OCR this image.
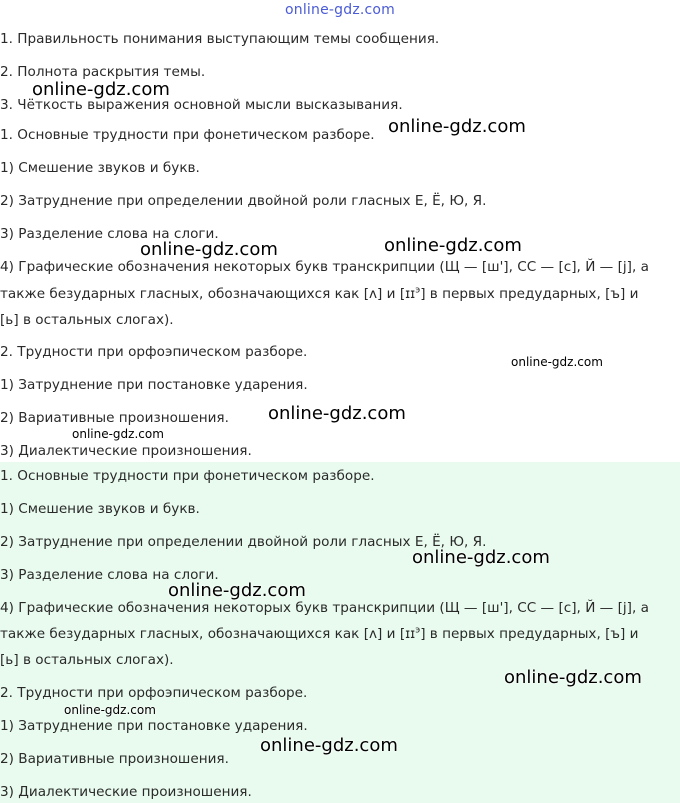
online-gdz.com
1. Правильность понимания выступающим темы сообщения.
2. Полнота раскрытия темы.
3. Чёткость выражения основной мысли высказывания.
1. Основные трудности при фонетическом разборе.
1) Смешение звуков и букв.
2) Затруднение при определении двойной роли гласных Е, Ё, Ю, Я.
3) Разделение слова на слоги.
4) Графические обозначения некоторых букв транскрипции (Щ — [ш'], СС — [с], Й — [j], а
также безударных гласных, обозначающихся как [ʌ] и [ɪɪ$^э$] в первых предударных, [ъ] и
[ь] в остальных слогах).
2. Трудности при орфоэпическом разборе.
1) Затруднение при постановке ударения.
2) Вариативные произношения.
3) Диалектические произношения.
1. Основные трудности при фонетическом разборе.
1) Смешение звуков и букв.
2) Затруднение при определении двойной роли гласных Е, Ё, Ю, Я.
3) Разделение слова на слоги.
4) Графические обозначения некоторых букв транскрипции (Щ — [ш'], СС — [с], Й — [j], а
также безударных гласных, обозначающихся как [ʌ] и [ɪɪ$^э$] в первых предударных, [ъ] и
[ь] в остальных слогах).
2. Трудности при орфоэпическом разборе.
1) Затруднение при постановке ударения.
2) Вариативные произношения.
3) Диалектические произношения.
online-gdz.com
online-gdz.com
online-gdz.com	online-gdz.com
online-gdz.com
online-gdz.com
online-gdz.com
online-gdz.com
online-gdz.com
online-gdz.com
online-gdz.com
online-gdz.com
